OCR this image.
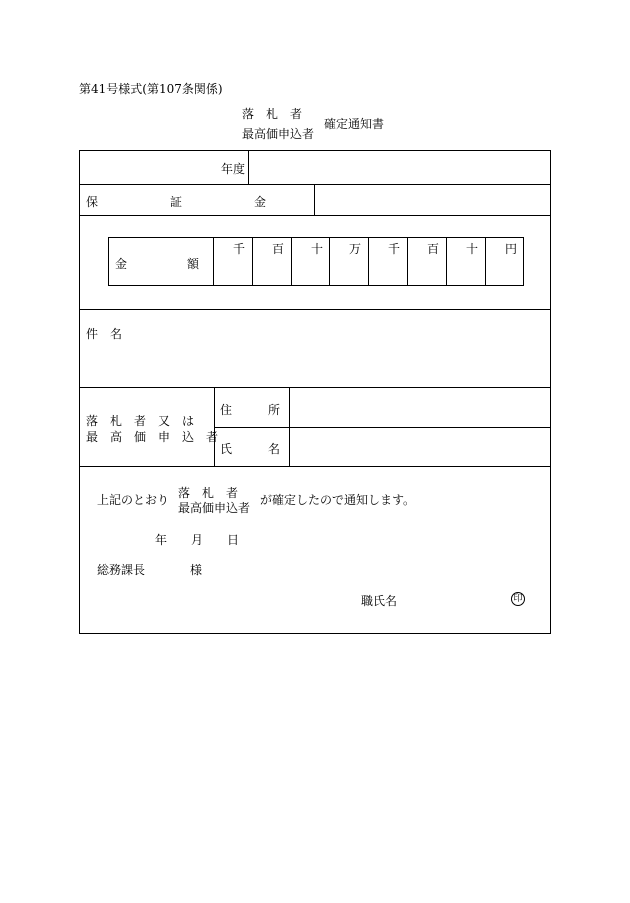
第41号様式(第107条関係)
落　札　者
最高価申込者
確定通知書
年度
保　　　　　　証　　　　　　金
金　　　　　額
千	百	十	万	千	百	十	円
件　名
落　札　者　又　は
最　高　価　申　込　者
住　　　所
氏　　　名
上記のとおり 落　札　者
最高価申込者
が確定したので通知します。
年　　月　　日
総務課長	様
職氏名	印
